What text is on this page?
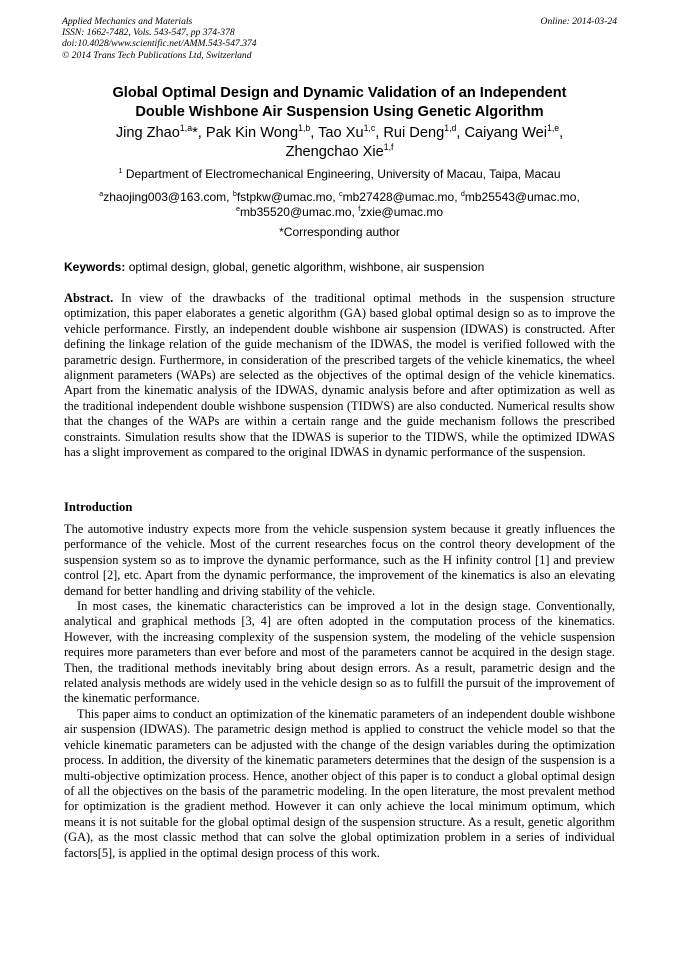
Applied Mechanics and Materials
ISSN: 1662-7482, Vols. 543-547, pp 374-378
doi:10.4028/www.scientific.net/AMM.543-547.374
© 2014 Trans Tech Publications Ltd, Switzerland
Online: 2014-03-24
Global Optimal Design and Dynamic Validation of an Independent
Double Wishbone Air Suspension Using Genetic Algorithm
Jing Zhao$^{1,a}$*, Pak Kin Wong$^{1,b}$, Tao Xu$^{1,c}$, Rui Deng$^{1,d}$, Caiyang Wei$^{1,e}$,
Zhengchao Xie$^{1,f}$
$^1$ Department of Electromechanical Engineering, University of Macau, Taipa, Macau
$^a$zhaojing003@163.com, $^b$fstpkw@umac.mo, $^c$mb27428@umac.mo, $^d$mb25543@umac.mo,
$^e$mb35520@umac.mo, $^f$zxie@umac.mo
*Corresponding author
Keywords: optimal design, global, genetic algorithm, wishbone, air suspension
Abstract. In view of the drawbacks of the traditional optimal methods in the suspension structure optimization, this paper elaborates a genetic algorithm (GA) based global optimal design so as to improve the vehicle performance. Firstly, an independent double wishbone air suspension (IDWAS) is constructed. After defining the linkage relation of the guide mechanism of the IDWAS, the model is verified followed with the parametric design. Furthermore, in consideration of the prescribed targets of the vehicle kinematics, the wheel alignment parameters (WAPs) are selected as the objectives of the optimal design of the vehicle kinematics. Apart from the kinematic analysis of the IDWAS, dynamic analysis before and after optimization as well as the traditional independent double wishbone suspension (TIDWS) are also conducted. Numerical results show that the changes of the WAPs are within a certain range and the guide mechanism follows the prescribed constraints. Simulation results show that the IDWAS is superior to the TIDWS, while the optimized IDWAS has a slight improvement as compared to the original IDWAS in dynamic performance of the suspension.
Introduction

The automotive industry expects more from the vehicle suspension system because it greatly influences the performance of the vehicle. Most of the current researches focus on the control theory development of the suspension system so as to improve the dynamic performance, such as the H infinity control [1] and preview control [2], etc. Apart from the dynamic performance, the improvement of the kinematics is also an elevating demand for better handling and driving stability of the vehicle.

In most cases, the kinematic characteristics can be improved a lot in the design stage. Conventionally, analytical and graphical methods [3, 4] are often adopted in the computation process of the kinematics. However, with the increasing complexity of the suspension system, the modeling of the vehicle suspension requires more parameters than ever before and most of the parameters cannot be acquired in the design stage. Then, the traditional methods inevitably bring about design errors. As a result, parametric design and the related analysis methods are widely used in the vehicle design so as to fulfill the pursuit of the improvement of the kinematic performance.

This paper aims to conduct an optimization of the kinematic parameters of an independent double wishbone air suspension (IDWAS). The parametric design method is applied to construct the vehicle model so that the vehicle kinematic parameters can be adjusted with the change of the design variables during the optimization process. In addition, the diversity of the kinematic parameters determines that the design of the suspension is a multi-objective optimization process. Hence, another object of this paper is to conduct a global optimal design of all the objectives on the basis of the parametric modeling. In the open literature, the most prevalent method for optimization is the gradient method. However it can only achieve the local minimum optimum, which means it is not suitable for the global optimal design of the suspension structure. As a result, genetic algorithm (GA), as the most classic method that can solve the global optimization problem in a series of individual factors[5], is applied in the optimal design process of this work.
